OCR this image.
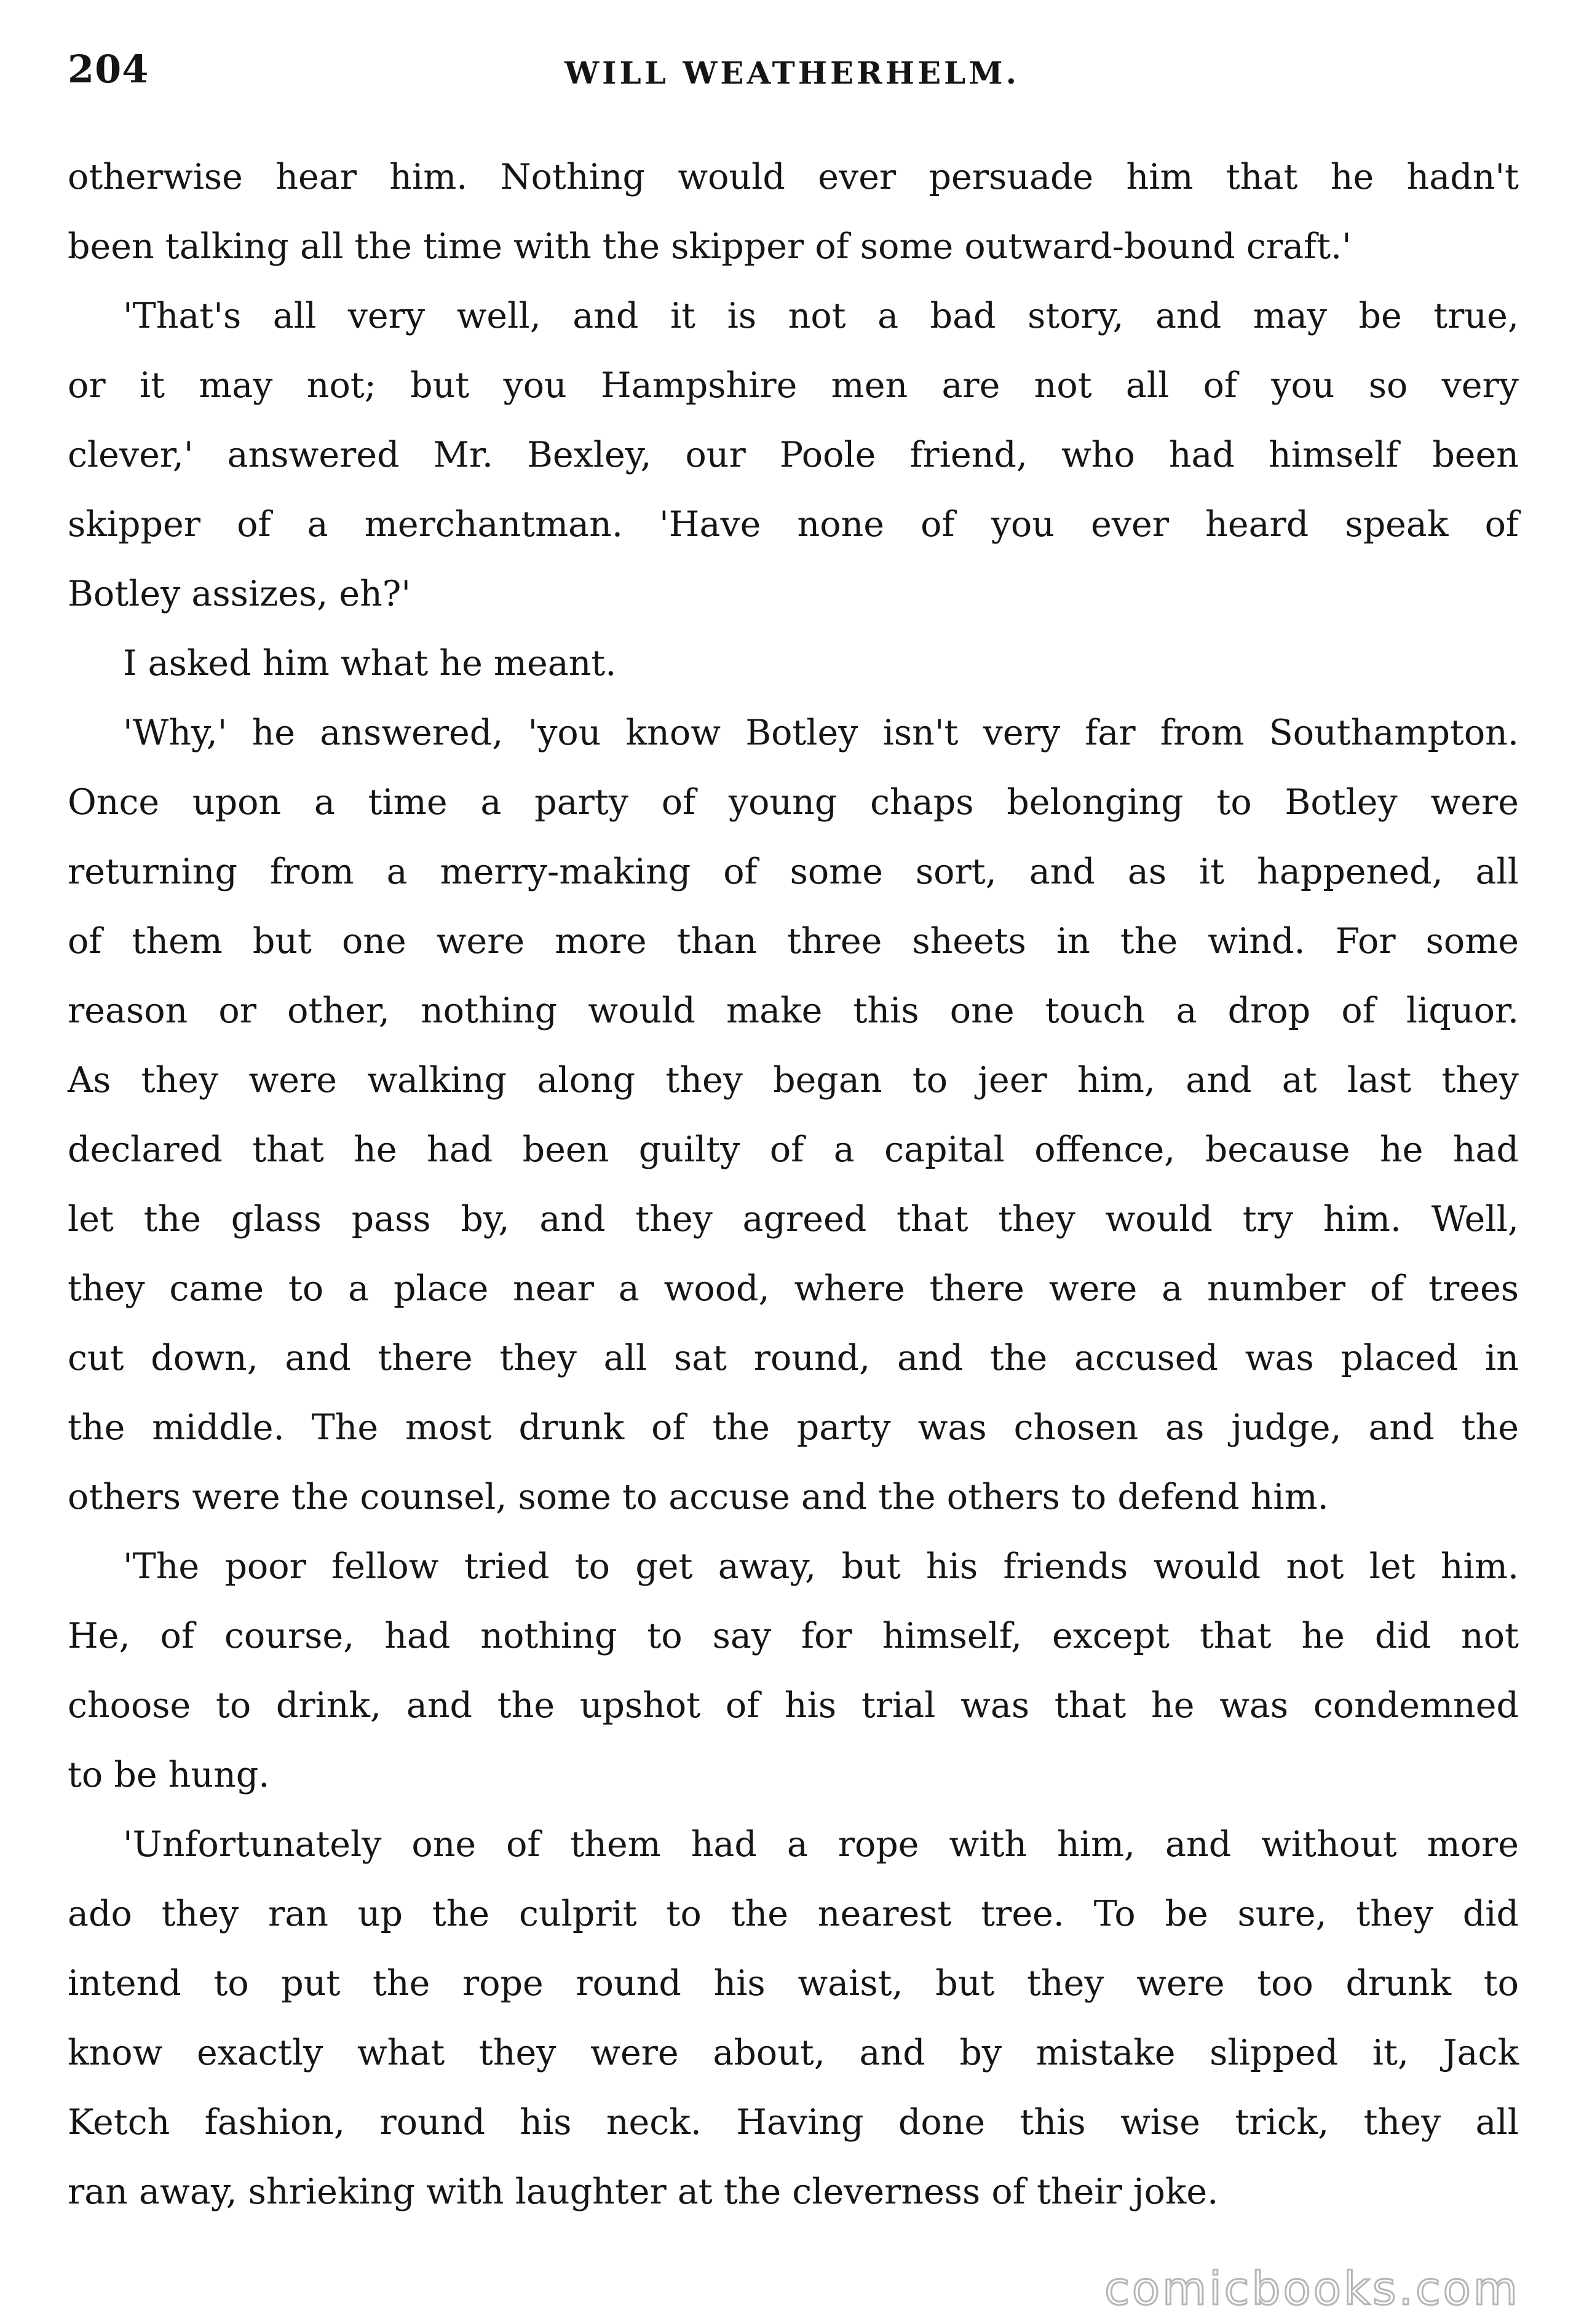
204	WILL WEATHERHELM.
otherwise hear him. Nothing would ever persuade him that he hadn't
been talking all the time with the skipper of some outward-bound craft.'
'That's all very well, and it is not a bad story, and may be true,
or it may not; but you Hampshire men are not all of you so very
clever,' answered Mr. Bexley, our Poole friend, who had himself been
skipper of a merchantman. 'Have none of you ever heard speak of
Botley assizes, eh?'
I asked him what he meant.
'Why,' he answered, 'you know Botley isn't very far from Southampton.
Once upon a time a party of young chaps belonging to Botley were
returning from a merry-making of some sort, and as it happened, all
of them but one were more than three sheets in the wind. For some
reason or other, nothing would make this one touch a drop of liquor.
As they were walking along they began to jeer him, and at last they
declared that he had been guilty of a capital offence, because he had
let the glass pass by, and they agreed that they would try him. Well,
they came to a place near a wood, where there were a number of trees
cut down, and there they all sat round, and the accused was placed in
the middle. The most drunk of the party was chosen as judge, and the
others were the counsel, some to accuse and the others to defend him.
'The poor fellow tried to get away, but his friends would not let him.
He, of course, had nothing to say for himself, except that he did not
choose to drink, and the upshot of his trial was that he was condemned
to be hung.
'Unfortunately one of them had a rope with him, and without more
ado they ran up the culprit to the nearest tree. To be sure, they did
intend to put the rope round his waist, but they were too drunk to
know exactly what they were about, and by mistake slipped it, Jack
Ketch fashion, round his neck. Having done this wise trick, they all
ran away, shrieking with laughter at the cleverness of their joke.
comicbooks.com
